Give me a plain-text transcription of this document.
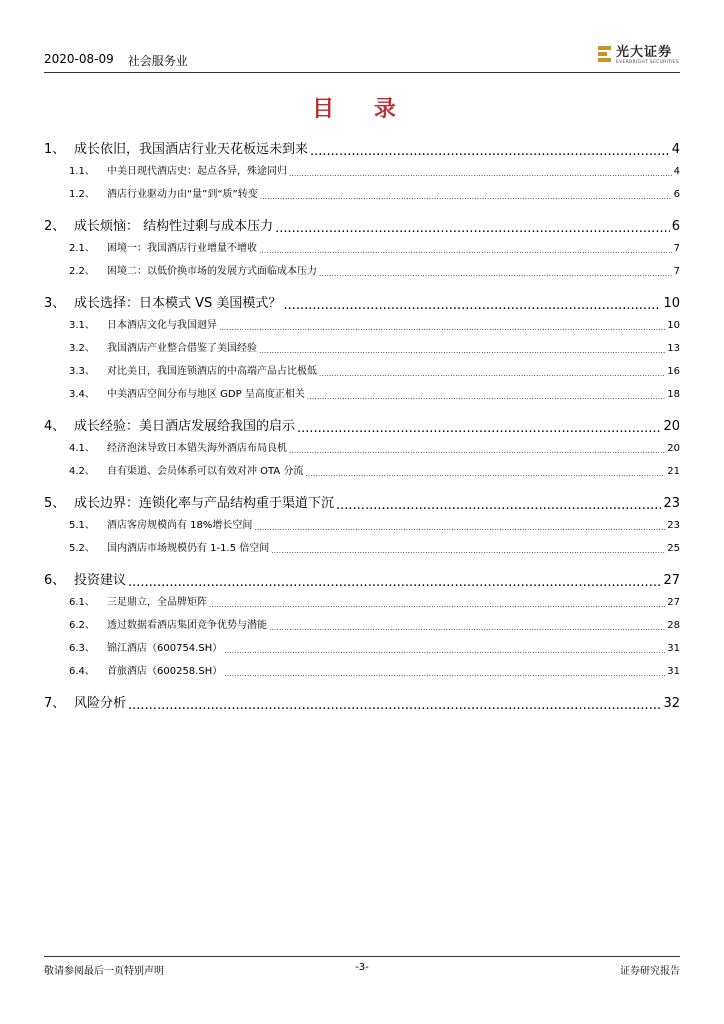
2020-08-09 社会服务业
光大证券
EVERBRIGHT SECURITIES
目 录
1、 成长依旧，我国酒店行业天花板远未到来 .....	4
1.1、	中美日现代酒店史：起点各异，殊途同归 .....	4
1.2、	酒店行业驱动力由“量”到“质”转变 .....	6
2、 成长烦恼： 结构性过剩与成本压力 .....	6
2.1、	困境一：我国酒店行业增量不增收 .....	7
2.2、	困境二：以低价换市场的发展方式面临成本压力 .....	7
3、 成长选择：日本模式 VS 美国模式？ .....	10
3.1、	日本酒店文化与我国迥异 .....	10
3.2、	我国酒店产业整合借鉴了美国经验 .....	13
3.3、	对比美日，我国连锁酒店的中高端产品占比极低 .....	16
3.4、	中美酒店空间分布与地区 GDP 呈高度正相关 .....	18
4、 成长经验：美日酒店发展给我国的启示 .....	20
4.1、	经济泡沫导致日本错失海外酒店布局良机 .....	20
4.2、	自有渠道、会员体系可以有效对冲 OTA 分流 .....	21
5、 成长边界：连锁化率与产品结构重于渠道下沉 .....	23
5.1、	酒店客房规模尚有 18%增长空间 .....	23
5.2、	国内酒店市场规模仍有 1-1.5 倍空间 .....	25
6、 投资建议 .....	27
6.1、	三足鼎立，全品牌矩阵 .....	27
6.2、	透过数据看酒店集团竞争优势与潜能 .....	28
6.3、	锦江酒店（600754.SH） .....	31
6.4、	首旅酒店（600258.SH） .....	31
7、 风险分析 .....	32
敬请参阅最后一页特别声明	-3-	证券研究报告
